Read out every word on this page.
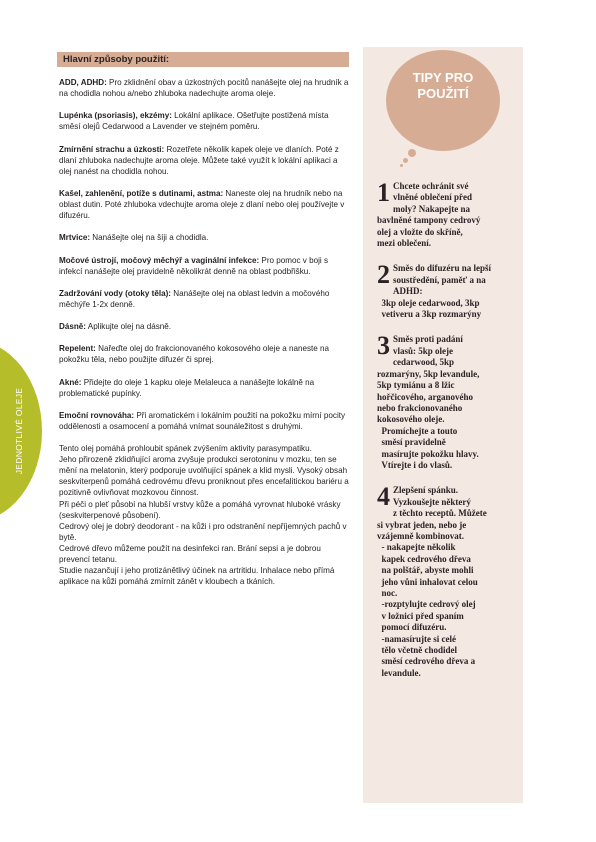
JEDNOTLIVÉ OLEJE
Hlavní způsoby použití:
ADD, ADHD: Pro zklidnění obav a úzkostných pocitů nanášejte olej na hrudník a na chodidla nohou a/nebo zhluboka nadechujte aroma oleje.
Lupénka (psoriasis), ekzémy: Lokální aplikace. Ošetřujte postižená místa směsí olejů Cedarwood a Lavender ve stejném poměru.
Zmírnění strachu a úzkosti: Rozetřete několik kapek oleje ve dlaních. Poté z dlaní zhluboka nadechujte aroma oleje. Můžete také využít k lokální aplikaci a olej nanést na chodidla nohou.
Kašel, zahlenění, potíže s dutinami, astma: Naneste olej na hrudník nebo na oblast dutin. Poté zhluboka vdechujte aroma oleje z dlaní nebo olej používejte v difuzéru.
Mrtvice: Nanášejte olej na šíji a chodidla.
Močové ústrojí, močový měchýř a vaginální infekce: Pro pomoc v boji s infekcí nanášejte olej pravidelně několikrát denně na oblast podbřišku.
Zadržování vody (otoky těla): Nanášejte olej na oblast ledvin a močového měchýře 1-2x denně.
Dásně: Aplikujte olej na dásně.
Repelent: Nařeďte olej do frakcionovaného kokosového oleje a naneste na pokožku těla, nebo použijte difuzér či sprej.
Akné: Přidejte do oleje 1 kapku oleje Melaleuca a nanášejte lokálně na problematické pupínky.
Emoční rovnováha: Při aromatickém i lokálním použití na pokožku mírní pocity oddělenosti a osamocení a pomáhá vnímat sounáležitost s druhými.

Tento olej pomáhá prohloubit spánek zvýšením aktivity parasympatiku.

Jeho přirozeně zklidňující aroma zvyšuje produkci serotoninu v mozku, ten se mění na melatonin, který podporuje uvolňující spánek a klid mysli. Vysoký obsah seskviterpenů pomáhá cedrovému dřevu proniknout přes encefalitickou bariéru a pozitivně ovlivňovat mozkovou činnost.

Při péči o pleť působí na hlubší vrstvy kůže a pomáhá vyrovnat hluboké vrásky (seskviterpenové působení).

Cedrový olej je dobrý deodorant - na kůži i pro odstranění nepříjemných pachů v bytě.

Cedrové dřevo můžeme použít na desinfekci ran. Brání sepsi a je dobrou prevencí tetanu.

Studie nazančují i jeho protizánětlivý účinek na artritidu. Inhalace nebo přímá aplikace na kůži pomáhá zmírnit zánět v kloubech a tkáních.

TIPY PRO
POUŽITÍ
1 Chcete ochránit své
vlněné oblečení před
moly? Nakapejte na
bavlněné tampony cedrový
olej a vložte do skříně,
mezi oblečení.
2 Směs do difuzéru na lepší
soustředění, paměť a na
ADHD:
3kp oleje cedarwood, 3kp
vetiveru a 3kp rozmarýny
3 Směs proti padání
vlasů: 5kp oleje
cedarwood, 5kp
rozmarýny, 5kp levandule,
5kp tymiánu a 8 lžic
hořčicového, arganového
nebo frakcionovaného
kokosového oleje.
Promíchejte a touto
směsí pravidelně
masírujte pokožku hlavy.
Vtírejte i do vlasů.
4 Zlepšení spánku.
Vyzkoušejte některý
z těchto receptů. Můžete
si vybrat jeden, nebo je
vzájemně kombinovat.
- nakapejte několik
kapek cedrového dřeva
na polštář, abyste mohli
jeho vůni inhalovat celou
noc.
-rozptylujte cedrový olej
v ložnici před spaním
pomocí difuzéru.
-namasírujte si celé
tělo včetně chodidel
směsí cedrového dřeva a
levandule.
